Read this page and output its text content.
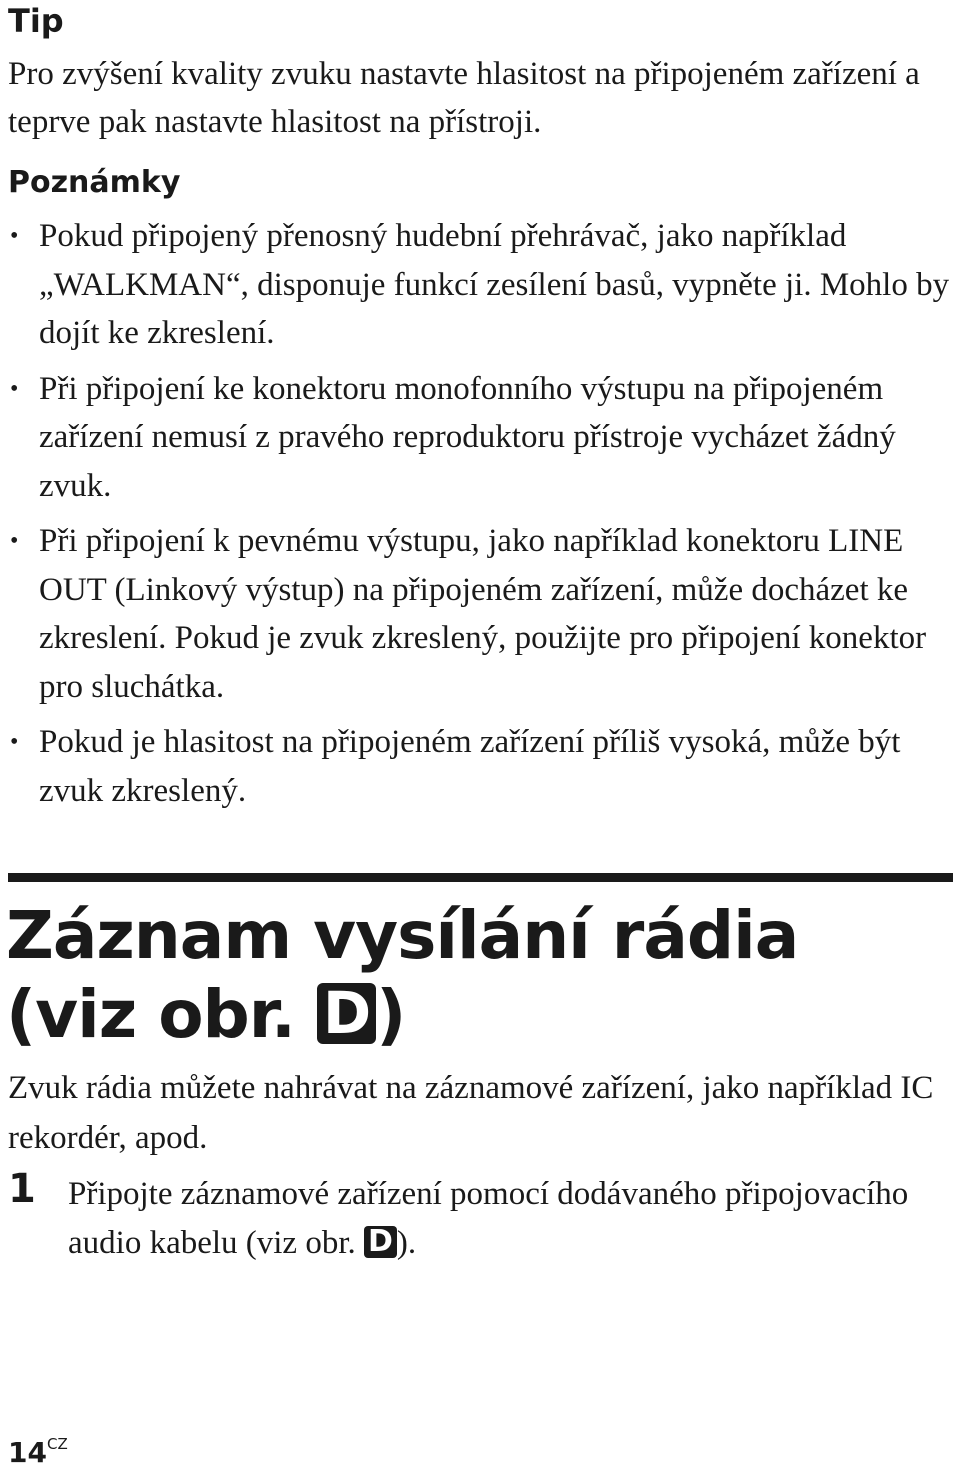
Tip
Pro zvýšení kvality zvuku nastavte hlasitost na připojeném zařízení a teprve pak nastavte hlasitost na přístroji.
Poznámky
• Pokud připojený přenosný hudební přehrávač, jako například „WALKMAN“, disponuje funkcí zesílení basů, vypněte ji. Mohlo by dojít ke zkreslení.
• Při připojení ke konektoru monofonního výstupu na připojeném zařízení nemusí z pravého reproduktoru přístroje vycházet žádný zvuk.
• Při připojení k pevnému výstupu, jako například konektoru LINE OUT (Linkový výstup) na připojeném zařízení, může docházet ke zkreslení. Pokud je zvuk zkreslený, použijte pro připojení konektor pro sluchátka.
• Pokud je hlasitost na připojeném zařízení příliš vysoká, může být zvuk zkreslený.
Záznam vysílání rádia
(viz obr. D)
Zvuk rádia můžete nahrávat na záznamové zařízení, jako například IC rekordér, apod.
1 Připojte záznamové zařízení pomocí dodávaného připojovacího audio kabelu (viz obr. D ).
$14^{CZ}$
